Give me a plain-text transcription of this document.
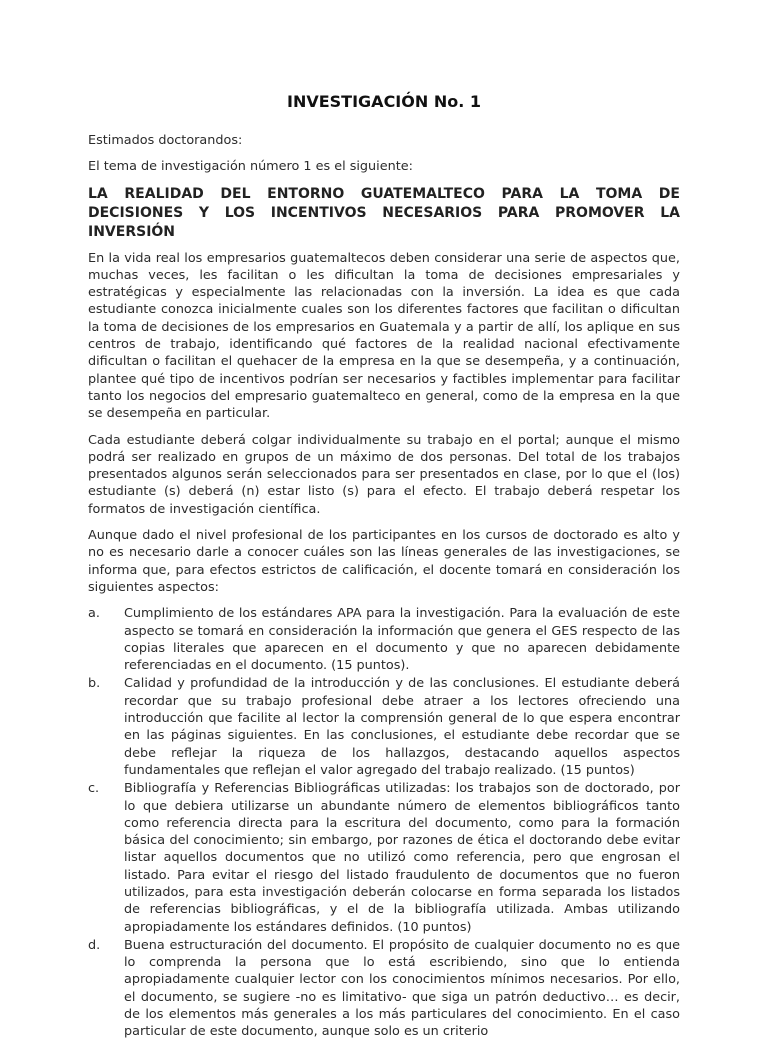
INVESTIGACIÓN No. 1
Estimados doctorandos:
El tema de investigación número 1 es el siguiente:
LA REALIDAD DEL ENTORNO GUATEMALTECO PARA LA TOMA DE DECISIONES Y LOS INCENTIVOS NECESARIOS PARA PROMOVER LA INVERSIÓN
En la vida real los empresarios guatemaltecos deben considerar una serie de aspectos que, muchas veces, les facilitan o les dificultan la toma de decisiones empresariales y estratégicas y especialmente las relacionadas con la inversión. La idea es que cada estudiante conozca inicialmente cuales son los diferentes factores que facilitan o dificultan la toma de decisiones de los empresarios en Guatemala y a partir de allí, los aplique en sus centros de trabajo, identificando qué factores de la realidad nacional efectivamente dificultan o facilitan el quehacer de la empresa en la que se desempeña, y a continuación, plantee qué tipo de incentivos podrían ser necesarios y factibles implementar para facilitar tanto los negocios del empresario guatemalteco en general, como de la empresa en la que se desempeña en particular.
Cada estudiante deberá colgar individualmente su trabajo en el portal; aunque el mismo podrá ser realizado en grupos de un máximo de dos personas. Del total de los trabajos presentados algunos serán seleccionados para ser presentados en clase, por lo que el (los) estudiante (s) deberá (n) estar listo (s) para el efecto. El trabajo deberá respetar los formatos de investigación científica.
Aunque dado el nivel profesional de los participantes en los cursos de doctorado es alto y no es necesario darle a conocer cuáles son las líneas generales de las investigaciones, se informa que, para efectos estrictos de calificación, el docente tomará en consideración los siguientes aspectos:
a.	Cumplimiento de los estándares APA para la investigación. Para la evaluación de este aspecto se tomará en consideración la información que genera el GES respecto de las copias literales que aparecen en el documento y que no aparecen debidamente referenciadas en el documento. (15 puntos).
b.	Calidad y profundidad de la introducción y de las conclusiones. El estudiante deberá recordar que su trabajo profesional debe atraer a los lectores ofreciendo una introducción que facilite al lector la comprensión general de lo que espera encontrar en las páginas siguientes. En las conclusiones, el estudiante debe recordar que se debe reflejar la riqueza de los hallazgos, destacando aquellos aspectos fundamentales que reflejan el valor agregado del trabajo realizado. (15 puntos)
c.	Bibliografía y Referencias Bibliográficas utilizadas: los trabajos son de doctorado, por lo que debiera utilizarse un abundante número de elementos bibliográficos tanto como referencia directa para la escritura del documento, como para la formación básica del conocimiento; sin embargo, por razones de ética el doctorando debe evitar listar aquellos documentos que no utilizó como referencia, pero que engrosan el listado. Para evitar el riesgo del listado fraudulento de documentos que no fueron utilizados, para esta investigación deberán colocarse en forma separada los listados de referencias bibliográficas, y el de la bibliografía utilizada. Ambas utilizando apropiadamente los estándares definidos. (10 puntos)
d.	Buena estructuración del documento. El propósito de cualquier documento no es que lo comprenda la persona que lo está escribiendo, sino que lo entienda apropiadamente cualquier lector con los conocimientos mínimos necesarios. Por ello, el documento, se sugiere -no es limitativo- que siga un patrón deductivo… es decir, de los elementos más generales a los más particulares del conocimiento. En el caso particular de este documento, aunque solo es un criterio
